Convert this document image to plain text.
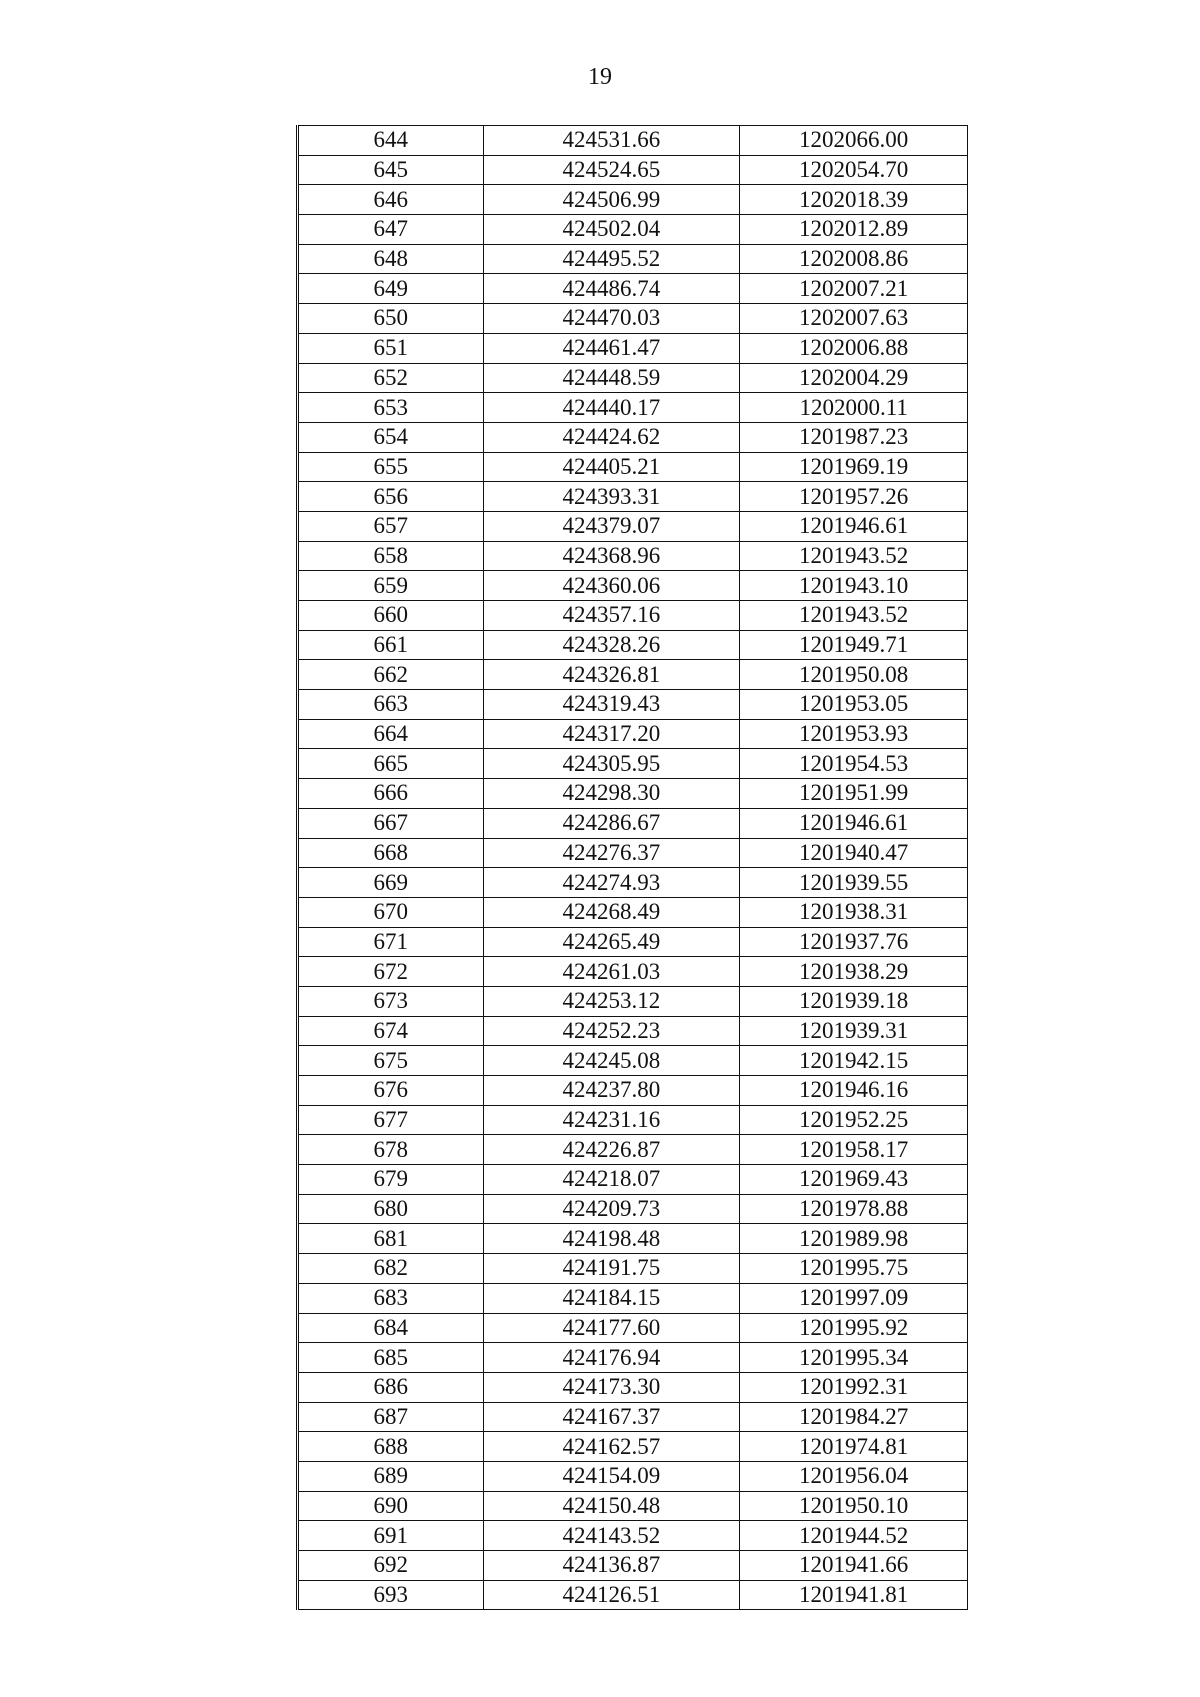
19
644	424531.66	1202066.00
645	424524.65	1202054.70
646	424506.99	1202018.39
647	424502.04	1202012.89
648	424495.52	1202008.86
649	424486.74	1202007.21
650	424470.03	1202007.63
651	424461.47	1202006.88
652	424448.59	1202004.29
653	424440.17	1202000.11
654	424424.62	1201987.23
655	424405.21	1201969.19
656	424393.31	1201957.26
657	424379.07	1201946.61
658	424368.96	1201943.52
659	424360.06	1201943.10
660	424357.16	1201943.52
661	424328.26	1201949.71
662	424326.81	1201950.08
663	424319.43	1201953.05
664	424317.20	1201953.93
665	424305.95	1201954.53
666	424298.30	1201951.99
667	424286.67	1201946.61
668	424276.37	1201940.47
669	424274.93	1201939.55
670	424268.49	1201938.31
671	424265.49	1201937.76
672	424261.03	1201938.29
673	424253.12	1201939.18
674	424252.23	1201939.31
675	424245.08	1201942.15
676	424237.80	1201946.16
677	424231.16	1201952.25
678	424226.87	1201958.17
679	424218.07	1201969.43
680	424209.73	1201978.88
681	424198.48	1201989.98
682	424191.75	1201995.75
683	424184.15	1201997.09
684	424177.60	1201995.92
685	424176.94	1201995.34
686	424173.30	1201992.31
687	424167.37	1201984.27
688	424162.57	1201974.81
689	424154.09	1201956.04
690	424150.48	1201950.10
691	424143.52	1201944.52
692	424136.87	1201941.66
693	424126.51	1201941.81
